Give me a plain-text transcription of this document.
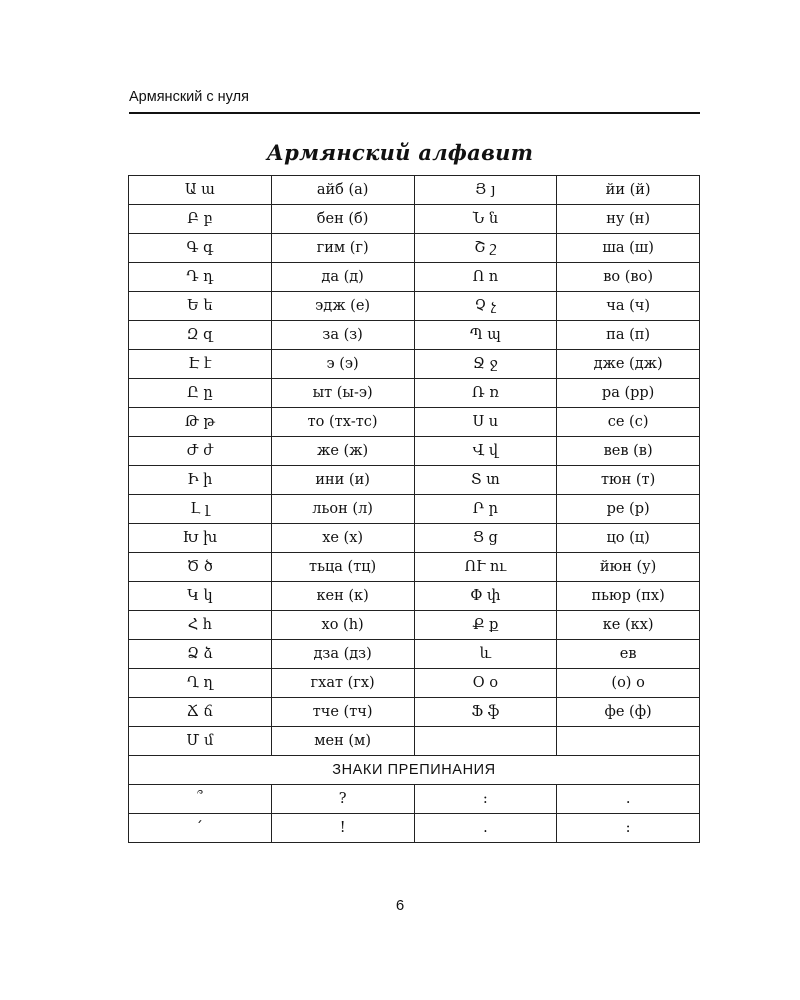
Армянский с нуля
Армянский алфавит
Ա ա	айб (а)	Յ յ	йи (й)
Բ բ	бен (б)	Ն ն	ну (н)
Գ գ	гим (г)	Շ շ	ша (ш)
Դ դ	да (д)	Ո ո	во (во)
Ե ե	эдж (е)	Չ չ	ча (ч)
Զ զ	за (з)	Պ պ	па (п)
Է է	э (э)	Ջ ջ	дже (дж)
Ը ը	ыт (ы-э)	Ռ ռ	ра (рр)
Թ թ	то (тх-тс)	Ս ս	се (с)
Ժ ժ	же (ж)	Վ վ	вев (в)
Ի ի	ини (и)	Տ տ	тюн (т)
Լ լ	льон (л)	Ր ր	ре (р)
Խ խ	хе (х)	Ց ց	цо (ц)
Ծ ծ	тьца (тц)	ՈՒ ու	йюн (у)
Կ կ	кен (к)	Փ փ	пьюр (пх)
Հ հ	хо (h)	Ք ք	ке (кх)
Ձ ձ	дза (дз)	և	ев
Ղ ղ	гхат (гх)	Օ օ	(о) о
Ճ ճ	тче (тч)	Ֆ ֆ	фе (ф)
Մ մ	мен (м)		
ЗНАКИ ПРЕПИНАНИЯ			
՞	?	։	.
՛	!	.	:
6
